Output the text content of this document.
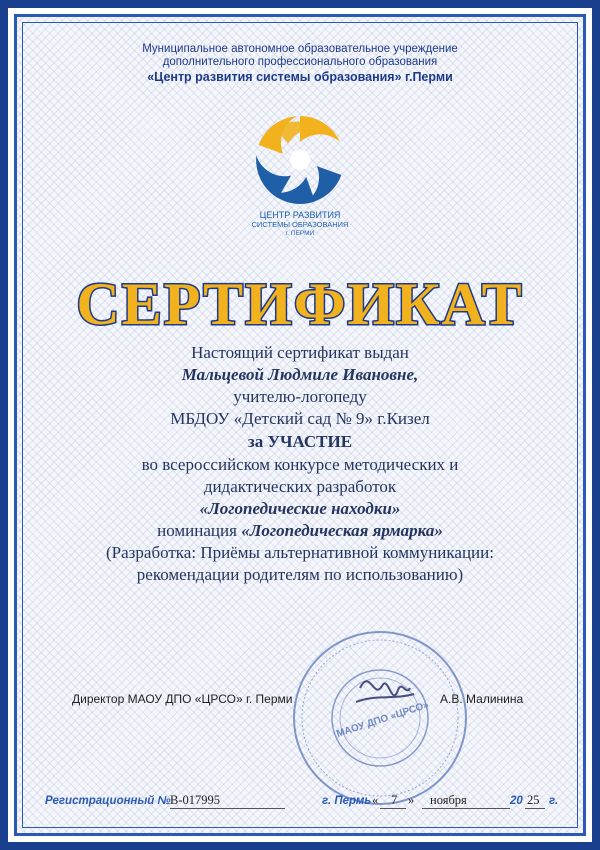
Муниципальное автономное образовательное учреждение
дополнительного профессионального образования
«Центр развития системы образования» г.Перми
ЦЕНТР РАЗВИТИЯ
СИСТЕМЫ ОБРАЗОВАНИЯ
г. ПЕРМИ
СЕРТИФИКАТ
Настоящий сертификат выдан
Мальцевой Людмиле Ивановне,
учителю-логопеду
МБДОУ «Детский сад № 9» г.Кизел
за УЧАСТИЕ
во всероссийском конкурсе методических и
дидактических разработок
«Логопедические находки»
номинация «Логопедическая ярмарка»
(Разработка: Приёмы альтернативной коммуникации:
рекомендации родителям по использованию)
МАОУ ДПО «ЦРСО»
Директор МАОУ ДПО «ЦРСО» г. Перми	А.В. Малинина
Регистрационный № В-017995	г. Пермь « 7 » ноября	20 25 г.
